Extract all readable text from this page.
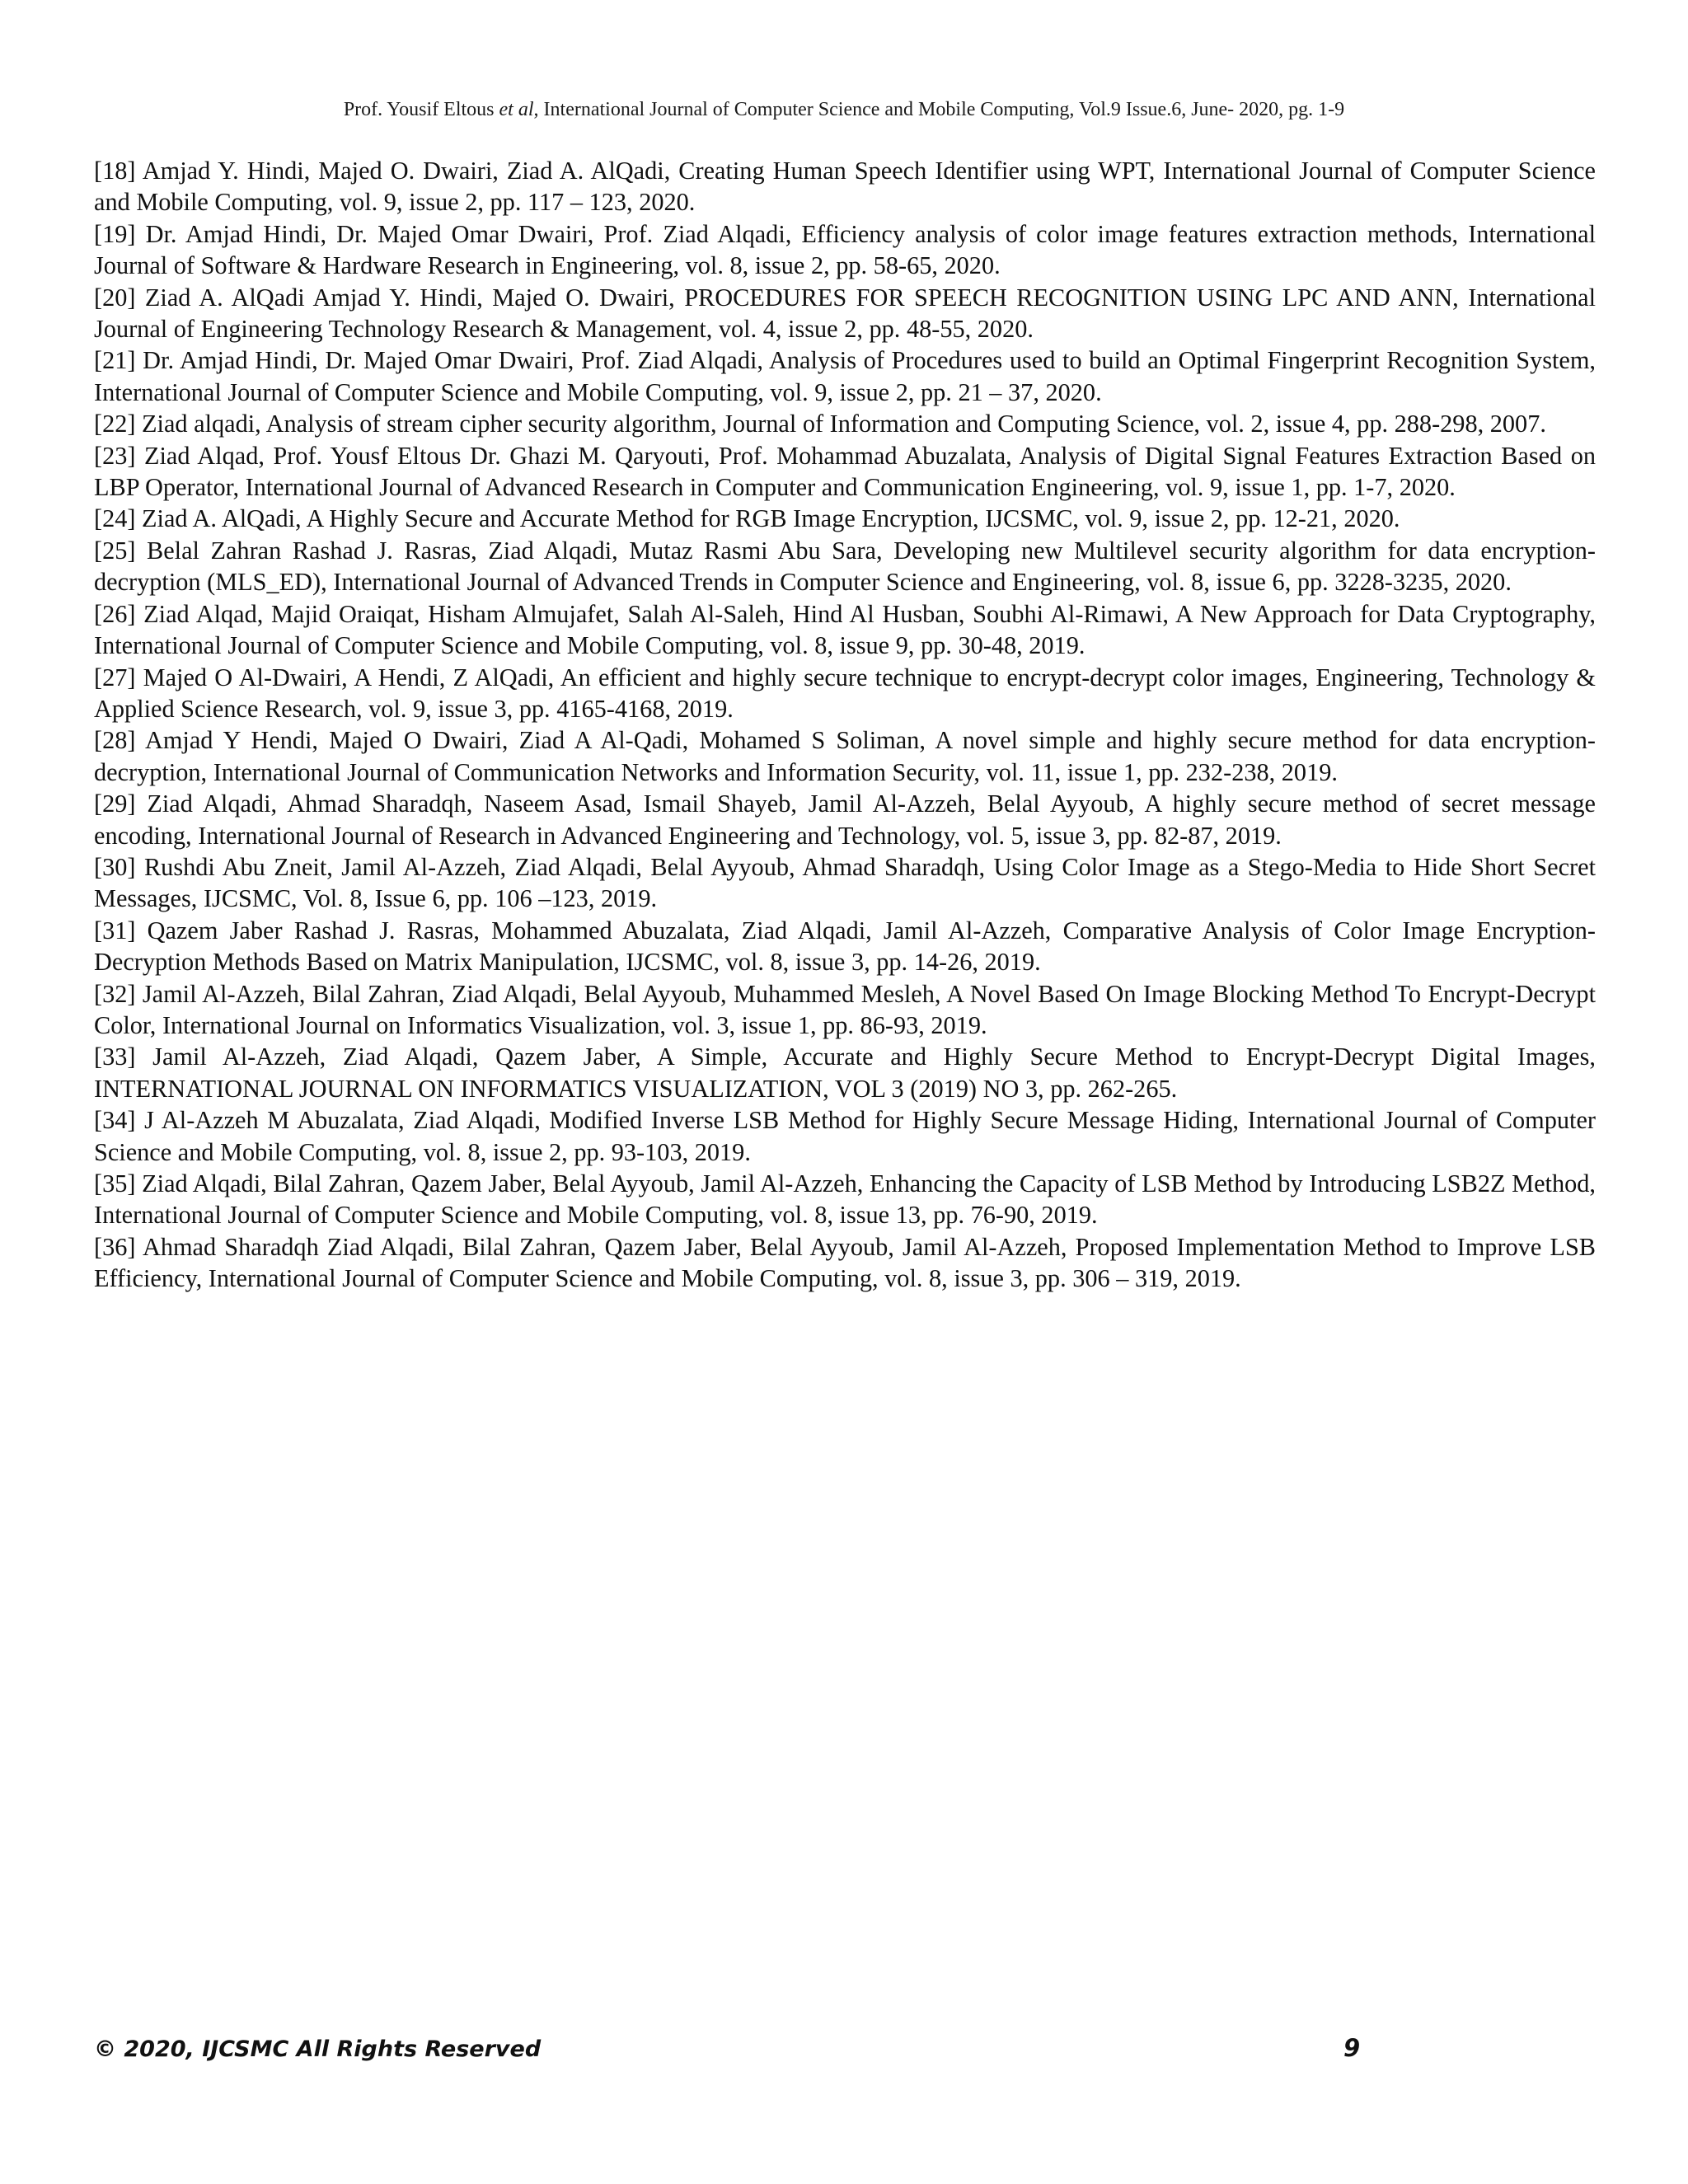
Prof. Yousif Eltous et al, International Journal of Computer Science and Mobile Computing, Vol.9 Issue.6, June- 2020, pg. 1-9

[18] Amjad Y. Hindi, Majed O. Dwairi, Ziad A. AlQadi, Creating Human Speech Identifier using WPT, International Journal of Computer Science and Mobile Computing, vol. 9, issue 2, pp. 117 – 123, 2020.

[19] Dr. Amjad Hindi, Dr. Majed Omar Dwairi, Prof. Ziad Alqadi, Efficiency analysis of color image features extraction methods, International Journal of Software & Hardware Research in Engineering, vol. 8, issue 2, pp. 58-65, 2020.

[20] Ziad A. AlQadi Amjad Y. Hindi, Majed O. Dwairi, PROCEDURES FOR SPEECH RECOGNITION USING LPC AND ANN, International Journal of Engineering Technology Research & Management, vol. 4, issue 2, pp. 48-55, 2020.

[21] Dr. Amjad Hindi, Dr. Majed Omar Dwairi, Prof. Ziad Alqadi, Analysis of Procedures used to build an Optimal Fingerprint Recognition System, International Journal of Computer Science and Mobile Computing, vol. 9, issue 2, pp. 21 – 37, 2020.

[22] Ziad alqadi, Analysis of stream cipher security algorithm, Journal of Information and Computing Science, vol. 2, issue 4, pp. 288-298, 2007.

[23] Ziad Alqad, Prof. Yousf Eltous Dr. Ghazi M. Qaryouti, Prof. Mohammad Abuzalata, Analysis of Digital Signal Features Extraction Based on LBP Operator, International Journal of Advanced Research in Computer and Communication Engineering, vol. 9, issue 1, pp. 1-7, 2020.

[24] Ziad A. AlQadi, A Highly Secure and Accurate Method for RGB Image Encryption, IJCSMC, vol. 9, issue 2, pp. 12-21, 2020.

[25] Belal Zahran Rashad J. Rasras, Ziad Alqadi, Mutaz Rasmi Abu Sara, Developing new Multilevel security algorithm for data encryption-decryption (MLS_ED), International Journal of Advanced Trends in Computer Science and Engineering, vol. 8, issue 6, pp. 3228-3235, 2020.

[26] Ziad Alqad, Majid Oraiqat, Hisham Almujafet, Salah Al-Saleh, Hind Al Husban, Soubhi Al-Rimawi, A New Approach for Data Cryptography, International Journal of Computer Science and Mobile Computing, vol. 8, issue 9, pp. 30-48, 2019.

[27] Majed O Al-Dwairi, A Hendi, Z AlQadi, An efficient and highly secure technique to encrypt-decrypt color images, Engineering, Technology & Applied Science Research, vol. 9, issue 3, pp. 4165-4168, 2019.

[28] Amjad Y Hendi, Majed O Dwairi, Ziad A Al-Qadi, Mohamed S Soliman, A novel simple and highly secure method for data encryption-decryption, International Journal of Communication Networks and Information Security, vol. 11, issue 1, pp. 232-238, 2019.

[29] Ziad Alqadi, Ahmad Sharadqh, Naseem Asad, Ismail Shayeb, Jamil Al-Azzeh, Belal Ayyoub, A highly secure method of secret message encoding, International Journal of Research in Advanced Engineering and Technology, vol. 5, issue 3, pp. 82-87, 2019.

[30] Rushdi Abu Zneit, Jamil Al-Azzeh, Ziad Alqadi, Belal Ayyoub, Ahmad Sharadqh, Using Color Image as a Stego-Media to Hide Short Secret Messages, IJCSMC, Vol. 8, Issue 6, pp. 106 –123, 2019.

[31] Qazem Jaber Rashad J. Rasras, Mohammed Abuzalata, Ziad Alqadi, Jamil Al-Azzeh, Comparative Analysis of Color Image Encryption-Decryption Methods Based on Matrix Manipulation, IJCSMC, vol. 8, issue 3, pp. 14-26, 2019.

[32] Jamil Al-Azzeh, Bilal Zahran, Ziad Alqadi, Belal Ayyoub, Muhammed Mesleh, A Novel Based On Image Blocking Method To Encrypt-Decrypt Color, International Journal on Informatics Visualization, vol. 3, issue 1, pp. 86-93, 2019.

[33] Jamil Al-Azzeh, Ziad Alqadi, Qazem Jaber, A Simple, Accurate and Highly Secure Method to Encrypt-Decrypt Digital Images, INTERNATIONAL JOURNAL ON INFORMATICS VISUALIZATION, VOL 3 (2019) NO 3, pp. 262-265.

[34] J Al-Azzeh M Abuzalata, Ziad Alqadi, Modified Inverse LSB Method for Highly Secure Message Hiding, International Journal of Computer Science and Mobile Computing, vol. 8, issue 2, pp. 93-103, 2019.

[35] Ziad Alqadi, Bilal Zahran, Qazem Jaber, Belal Ayyoub, Jamil Al-Azzeh, Enhancing the Capacity of LSB Method by Introducing LSB2Z Method, International Journal of Computer Science and Mobile Computing, vol. 8, issue 13, pp. 76-90, 2019.

[36] Ahmad Sharadqh Ziad Alqadi, Bilal Zahran, Qazem Jaber, Belal Ayyoub, Jamil Al-Azzeh, Proposed Implementation Method to Improve LSB Efficiency, International Journal of Computer Science and Mobile Computing, vol. 8, issue 3, pp. 306 – 319, 2019.

© 2020, IJCSMC All Rights Reserved	9
